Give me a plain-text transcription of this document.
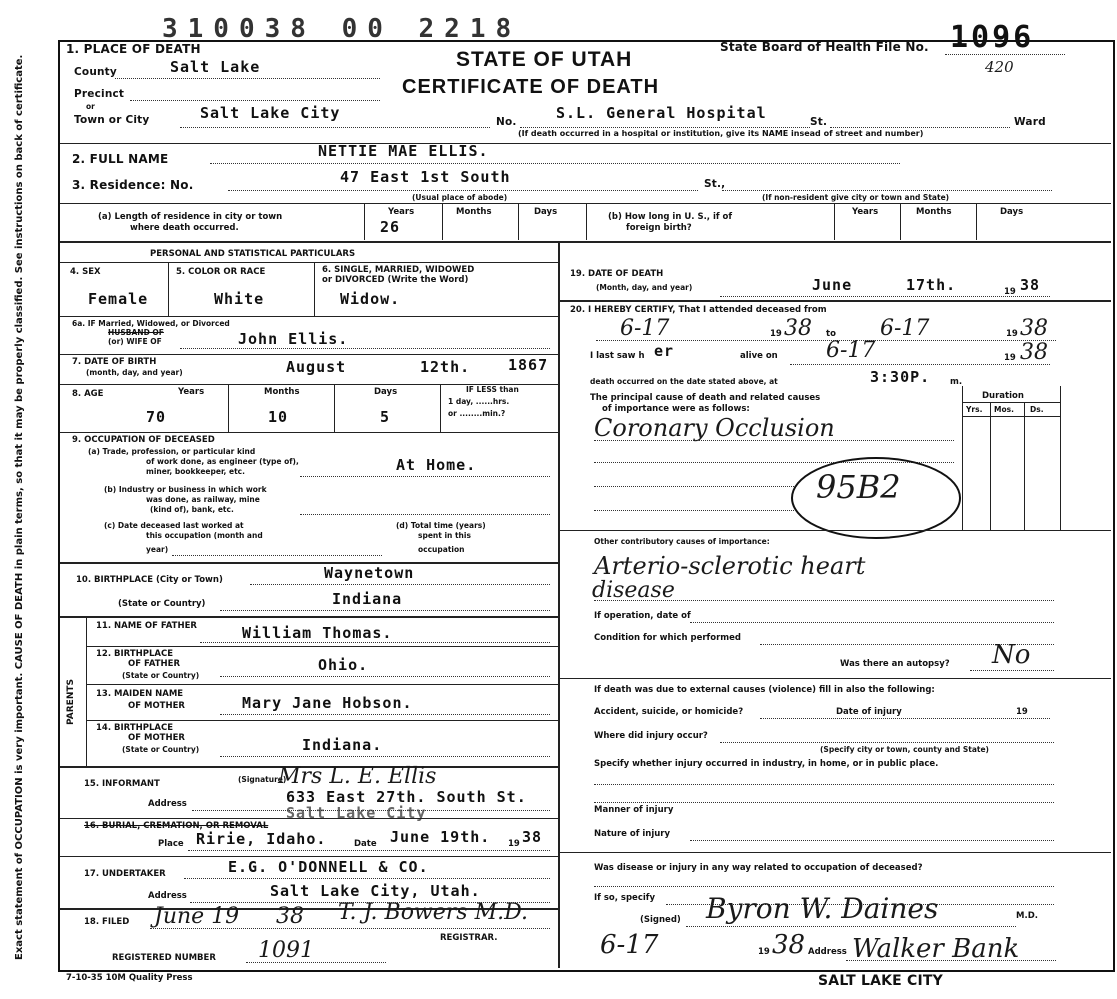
Exact statement of OCCUPATION is very important. CAUSE OF DEATH in plain terms, so that it may be properly classified. See instructions on back of certificate.
310038 00 2218
1. PLACE OF DEATH	STATE OF UTAH
State Board of Health File No. 1096
420
County	Salt Lake
CERTIFICATE OF DEATH
Precinct
or
Town or City	Salt Lake City	No.	S.L. General Hospital	St.	Ward
(If death occurred in a hospital or institution, give its NAME insead of street and number)
2. FULL NAME	NETTIE MAE ELLIS.
3. Residence: No.	47 East 1st South	St.,
(Usual place of abode)	(If non-resident give city or town and State)
(a) Length of residence in city or town
where death occurred.
Years	Months	Days
26
(b) How long in U. S., if of
foreign birth?
Years	Months	Days
PERSONAL AND STATISTICAL PARTICULARS
4. SEX	5. COLOR OR RACE	6. SINGLE, MARRIED, WIDOWED
or DIVORCED (Write the Word)
Female	White	Widow.
6a. IF Married, Widowed, or Divorced
HUSBAND OF
(or) WIFE OF	John Ellis.
7. DATE OF BIRTH
(month, day, and year)	August	12th.	1867
8. AGE	Years	Months	Days
70	10	5
IF LESS than
1 day, ......hrs.
or ........min.?
9. OCCUPATION OF DECEASED
(a) Trade, profession, or particular kind
of work done, as engineer (type of),
miner, bookkeeper, etc.	At Home.
(b) Industry or business in which work
was done, as railway, mine
(kind of), bank, etc.
(c) Date deceased last worked at
this occupation (month and
year)
(d) Total time (years)
spent in this
occupation
10. BIRTHPLACE (City or Town)	Waynetown
(State or Country)	Indiana
PARENTS
11. NAME OF FATHER	William Thomas.
12. BIRTHPLACE
OF FATHER
(State or Country)
Ohio.
13. MAIDEN NAME
OF MOTHER	Mary Jane Hobson.
14. BIRTHPLACE
OF MOTHER
(State or Country)	Indiana.
15. INFORMANT	(Signature)
Mrs L. E. Ellis
Address	633 East 27th. South St.
Salt Lake City
16. BURIAL, CREMATION, OR REMOVAL
Place Ririe, Idaho.	Date June 19th. 19 38
17. UNDERTAKER	E.G. O'DONNELL & CO.
Address	Salt Lake City, Utah.
18. FILED June 19 38 T. J. Bowers M.D.
REGISTRAR.
REGISTERED NUMBER 1091
19. DATE OF DEATH
(Month, day, and year)	June	17th.	19 38
20. I HEREBY CERTIFY, That I attended deceased from
6-17	19 38 to 6-17	19 38
I last saw h er	alive on 6-17	19 38
death occurred on the date stated above, at	3:30P. m.
The principal cause of death and related causes
of importance were as follows:
Duration
Yrs. Mos. Ds.
Coronary Occlusion
95B2
Other contributory causes of importance:
Arterio-sclerotic heart
disease
If operation, date of
Condition for which performed
Was there an autopsy? No
If death was due to external causes (violence) fill in also the following:
Accident, suicide, or homicide?	Date of injury	19
Where did injury occur?
(Specify city or town, county and State)
Specify whether injury occurred in industry, in home, or in public place.
Manner of injury
Nature of injury
Was disease or injury in any way related to occupation of deceased?
If so, specify
(Signed) Byron W. Daines	M.D.
6-17	19 38 Address Walker Bank
7-10-35 10M Quality Press	SALT LAKE CITY
